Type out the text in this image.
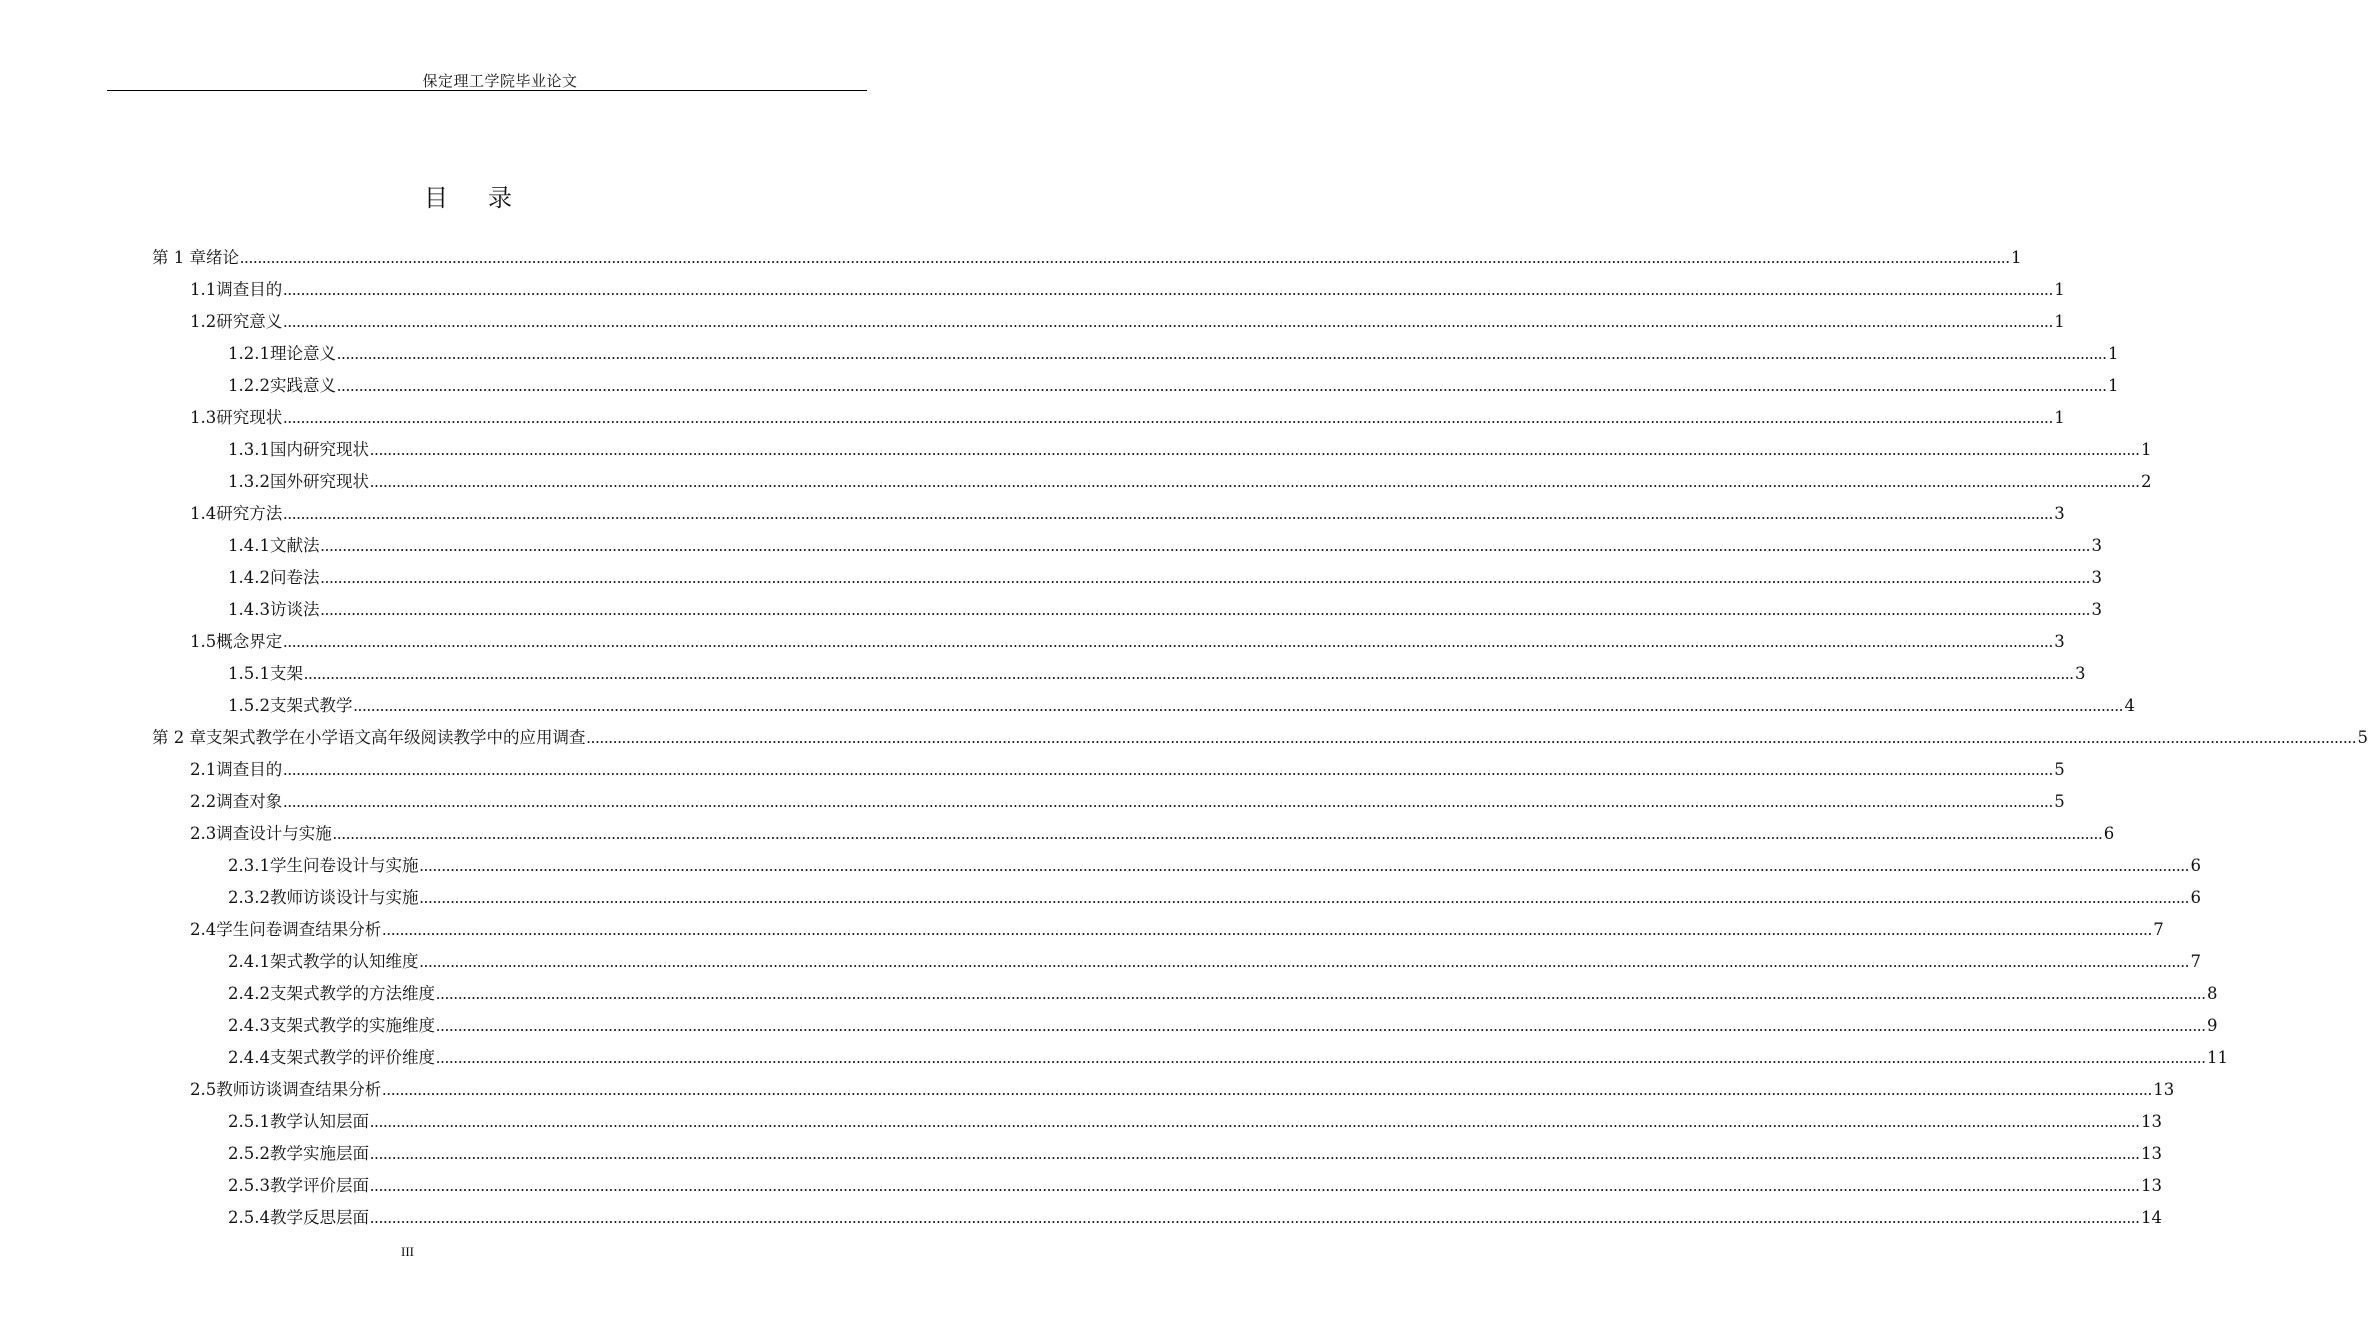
保定理工学院毕业论文
目录
第 1 章 绪论 ................................................................................................................................................................................................................................................................................................................................................................................................................ 1
1.1 调查目的 ................................................................................................................................................................................................................................................................................................................................................................................................................ 1
1.2 研究意义 ................................................................................................................................................................................................................................................................................................................................................................................................................ 1
1.2.1 理论意义 ................................................................................................................................................................................................................................................................................................................................................................................................................ 1
1.2.2 实践意义 ................................................................................................................................................................................................................................................................................................................................................................................................................ 1
1.3 研究现状 ................................................................................................................................................................................................................................................................................................................................................................................................................ 1
1.3.1 国内研究现状 ................................................................................................................................................................................................................................................................................................................................................................................................................ 1
1.3.2 国外研究现状 ................................................................................................................................................................................................................................................................................................................................................................................................................ 2
1.4 研究方法 ................................................................................................................................................................................................................................................................................................................................................................................................................ 3
1.4.1 文献法 ................................................................................................................................................................................................................................................................................................................................................................................................................ 3
1.4.2 问卷法 ................................................................................................................................................................................................................................................................................................................................................................................................................ 3
1.4.3 访谈法 ................................................................................................................................................................................................................................................................................................................................................................................................................ 3
1.5 概念界定 ................................................................................................................................................................................................................................................................................................................................................................................................................ 3
1.5.1 支架 ................................................................................................................................................................................................................................................................................................................................................................................................................ 3
1.5.2 支架式教学 ................................................................................................................................................................................................................................................................................................................................................................................................................ 4
第 2 章 支架式教学在小学语文高年级阅读教学中的应用调查 ................................................................................................................................................................................................................................................................................................................................................................................................................ 5
2.1 调查目的 ................................................................................................................................................................................................................................................................................................................................................................................................................ 5
2.2 调查对象 ................................................................................................................................................................................................................................................................................................................................................................................................................ 5
2.3 调查设计与实施 ................................................................................................................................................................................................................................................................................................................................................................................................................ 6
2.3.1 学生问卷设计与实施 ................................................................................................................................................................................................................................................................................................................................................................................................................ 6
2.3.2 教师访谈设计与实施 ................................................................................................................................................................................................................................................................................................................................................................................................................ 6
2.4 学生问卷调查结果分析 ................................................................................................................................................................................................................................................................................................................................................................................................................ 7
2.4.1 架式教学的认知维度 ................................................................................................................................................................................................................................................................................................................................................................................................................ 7
2.4.2 支架式教学的方法维度 ................................................................................................................................................................................................................................................................................................................................................................................................................ 8
2.4.3 支架式教学的实施维度 ................................................................................................................................................................................................................................................................................................................................................................................................................ 9
2.4.4 支架式教学的评价维度 ................................................................................................................................................................................................................................................................................................................................................................................................................ 11
2.5 教师访谈调查结果分析 ................................................................................................................................................................................................................................................................................................................................................................................................................ 13
2.5.1 教学认知层面 ................................................................................................................................................................................................................................................................................................................................................................................................................ 13
2.5.2 教学实施层面 ................................................................................................................................................................................................................................................................................................................................................................................................................ 13
2.5.3 教学评价层面 ................................................................................................................................................................................................................................................................................................................................................................................................................ 13
2.5.4 教学反思层面 ................................................................................................................................................................................................................................................................................................................................................................................................................ 14
III
